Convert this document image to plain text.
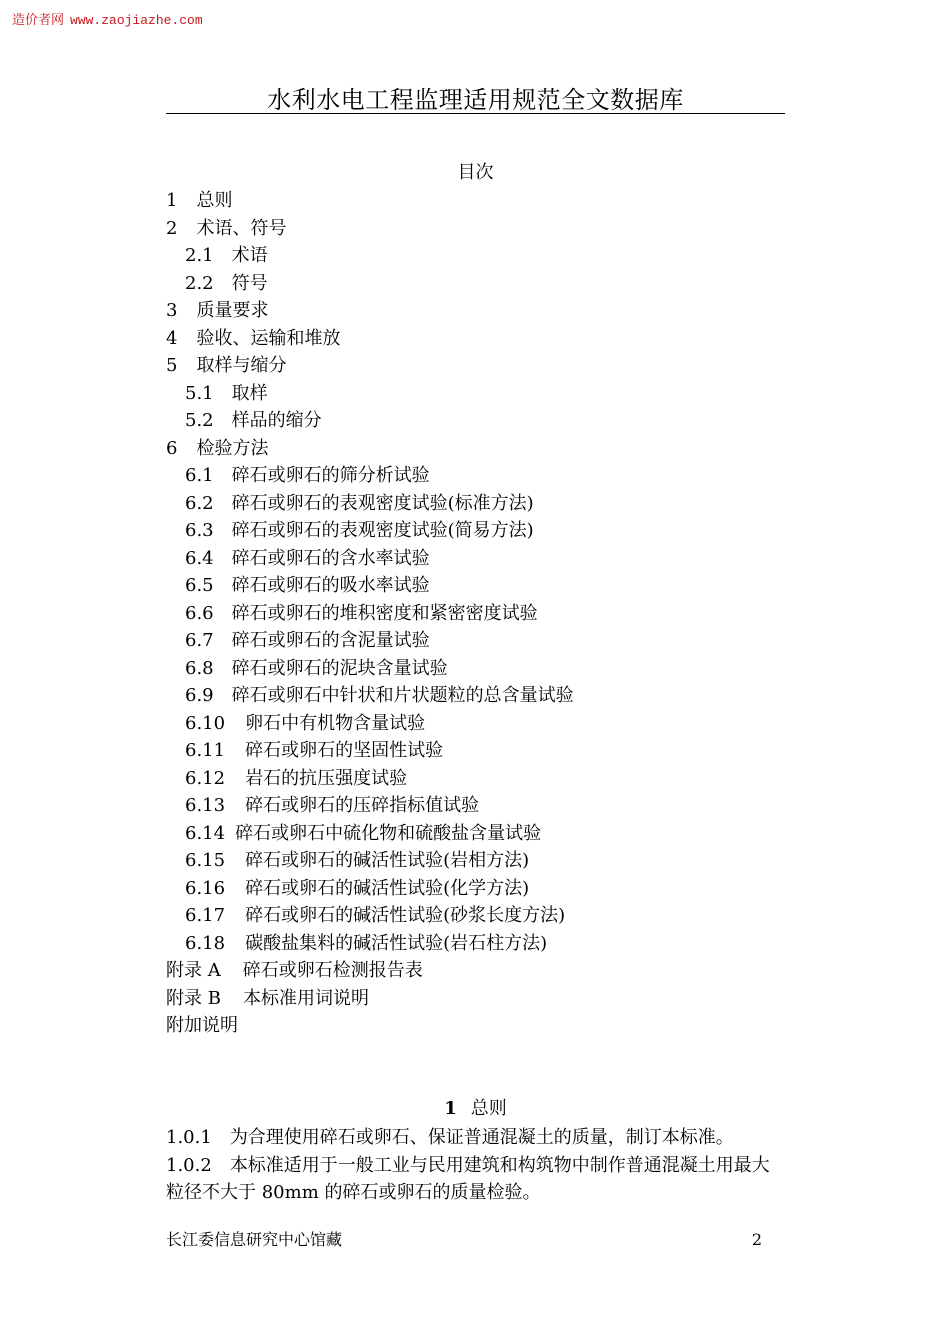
造价者网 www.zaojiazhe.com
水利水电工程监理适用规范全文数据库
目次
1 总则
2 术语、符号
2.1 术语
2.2 符号
3 质量要求
4 验收、运输和堆放
5 取样与缩分
5.1 取样
5.2 样品的缩分
6 检验方法
6.1 碎石或卵石的筛分析试验
6.2 碎石或卵石的表观密度试验(标准方法)
6.3 碎石或卵石的表观密度试验(简易方法)
6.4 碎石或卵石的含水率试验
6.5 碎石或卵石的吸水率试验
6.6 碎石或卵石的堆积密度和紧密密度试验
6.7 碎石或卵石的含泥量试验
6.8 碎石或卵石的泥块含量试验
6.9 碎石或卵石中针状和片状题粒的总含量试验
6.10 卵石中有机物含量试验
6.11 碎石或卵石的坚固性试验
6.12 岩石的抗压强度试验
6.13 碎石或卵石的压碎指标值试验
6.14 碎石或卵石中硫化物和硫酸盐含量试验
6.15 碎石或卵石的碱活性试验(岩相方法)
6.16 碎石或卵石的碱活性试验(化学方法)
6.17 碎石或卵石的碱活性试验(砂浆长度方法)
6.18 碳酸盐集料的碱活性试验(岩石柱方法)
附录 A 碎石或卵石检测报告表
附录 B 本标准用词说明
附加说明
1 总则

1.0.1 为合理使用碎石或卵石、保证普通混凝土的质量，制订本标准。

1.0.2 本标准适用于一般工业与民用建筑和构筑物中制作普通混凝土用最大粒径不大于 80mm 的碎石或卵石的质量检验。

长江委信息研究中心馆藏	2
